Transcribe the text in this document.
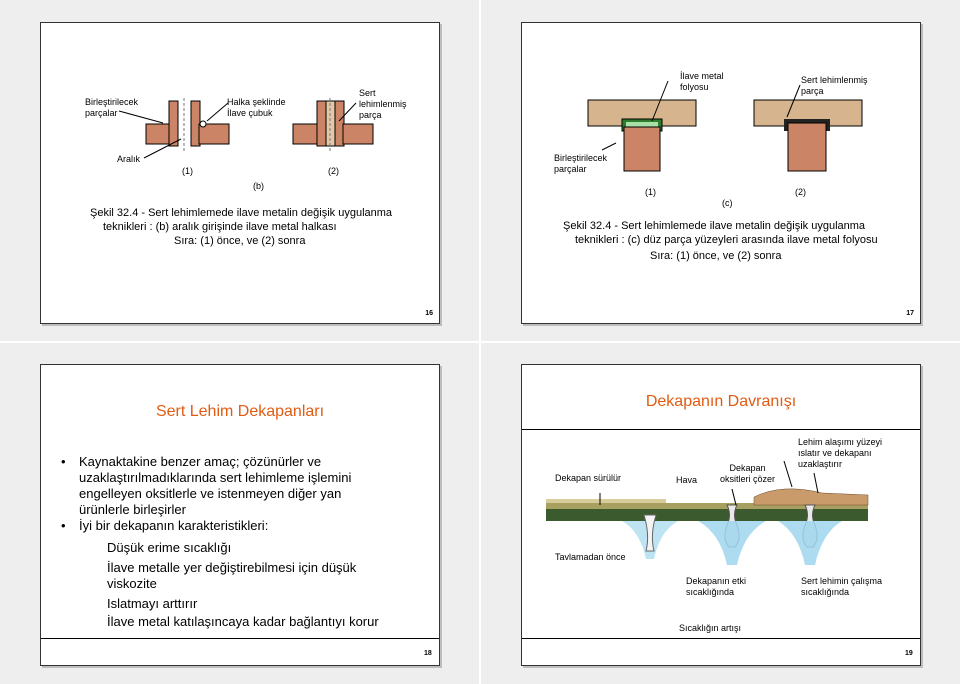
Birleştirilecek
parçalar
Halka şeklinde
İlave çubuk
Sert
lehimlenmiş
parça
Aralık
(1)	(2)
(b)
Şekil 32.4 - Sert lehimlemede ilave metalin değişik uygulanma
teknikleri : (b) aralık girişinde ilave metal halkası
Sıra: (1) önce, ve (2) sonra
16
İlave metal
folyosu
Sert lehimlenmiş
parça
Birleştirilecek
parçalar
(1)
(c)
(2)
Şekil 32.4 - Sert lehimlemede ilave metalin değişik uygulanma
teknikleri : (c) düz parça yüzeyleri arasında ilave metal folyosu
Sıra: (1) önce, ve (2) sonra
17
Sert Lehim Dekapanları
• Kaynaktakine benzer amaç; çözünürler ve uzaklaştırılmadıklarında sert lehimleme işlemini engelleyen oksitlerle ve istenmeyen diğer yan ürünlerle birleşirler
• İyi bir dekapanın karakteristikleri:
Düşük erime sıcaklığı
İlave metalle yer değiştirebilmesi için düşük viskozite
Islatmayı arttırır
İlave metal katılaşıncaya kadar bağlantıyı korur
18
Dekapanın Davranışı
Dekapan sürülür	Hava
Dekapan
oksitleri çözer
Lehim alaşımı yüzeyi
ıslatır ve dekapanı
uzaklaştırır
Tavlamadan önce
Dekapanın etki
sıcaklığında
Sert lehimin çalışma
sıcaklığında
Sıcaklığın artışı
19
